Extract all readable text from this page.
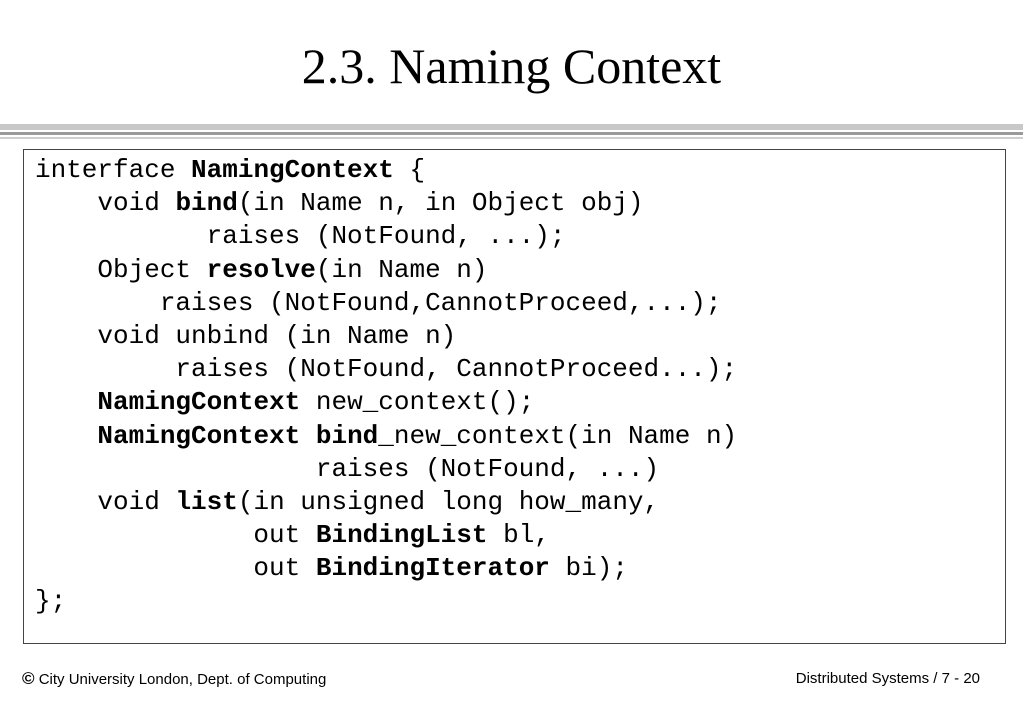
2.3. Naming Context
interface NamingContext {
void bind(in Name n, in Object obj)
raises (NotFound, ...);
Object resolve(in Name n)
raises (NotFound,CannotProceed,...);
void unbind (in Name n)
raises (NotFound, CannotProceed...);
NamingContext new_context();
NamingContext bind_new_context(in Name n)
raises (NotFound, ...)
void list(in unsigned long how_many,
out BindingList bl,
out BindingIterator bi);
};
© City University London, Dept. of Computing	Distributed Systems / 7 - 20
